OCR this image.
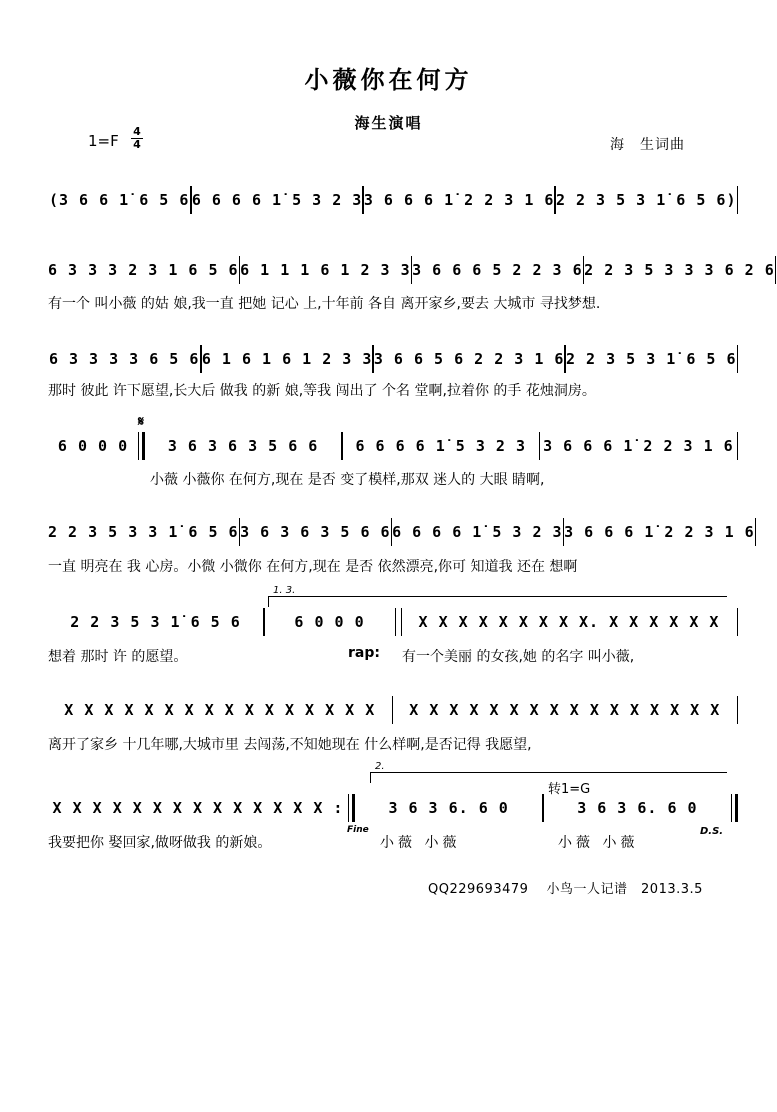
小薇你在何方
海生演唱
$1=F \frac{4}{4}$	海　生词曲
(3 6 6 1̇ 6 5 6 6 6 6 6 1̇ 5 3 2 3 3 6 6 6 1̇ 2 2 3 1 6 2 2 3 5 3 1̇ 6 5 6)
6 3 3 3 2 3 1 6 5 6 6 1 1 1 6 1 2 3 3 3 6 6 6 5 2 2 3 6 2 2 3 5 3 3 3 6 2 6
有一个 叫小薇 的姑 娘,我一直 把她 记心 上,十年前 各自 离开家乡,要去 大城市 寻找梦想.
6 3 3 3 3 6 5 6 6 1 6 1 6 1 2 3 3 3 6 6 5 6 2 2 3 1 6 2 2 3 5 3 1̇ 6 5 6
那时 彼此 许下愿望,长大后 做我 的新 娘,等我 闯出了 个名 堂啊,拉着你 的手 花烛洞房。
𝄋
6 0 0 0	3 6 3 6 3 5 6 6	6 6 6 6 1̇ 5 3 2 3	3 6 6 6 1̇ 2 2 3 1 6
小薇 小薇你 在何方,现在 是否 变了模样,那双 迷人的 大眼 睛啊,
2 2 3 5 3 3 1̇ 6 5 6 3 6 3 6 3 5 6 6 6 6 6 6 1̇ 5 3 2 3 3 6 6 6 1̇ 2 2 3 1 6
一直 明亮在 我 心房。小微 小微你 在何方,现在 是否 依然漂亮,你可 知道我 还在 想啊
1. 3.
2 2 3 5 3 1̇ 6 5 6	6 0 0 0	X X X X X X X X X. X X X X X X
想着 那时 许 的愿望。	rap: 有一个美丽 的女孩,她 的名字 叫小薇,
X X X X X X X X X X X X X X X X	X X X X X X X X X X X X X X X X
离开了家乡 十几年哪,大城市里 去闯荡,不知她现在 什么样啊,是否记得 我愿望,
2.
转1=G
X X X X X X X X X X X X X X :	3 6 3 6. 6 0	3 6 3 6. 6 0
我要把你 娶回家,做呀做我 的新娘。
Fine
小薇 小薇	小薇 小薇
D.S.
QQ229693479　 小鸟一人记谱　2013.3.5
